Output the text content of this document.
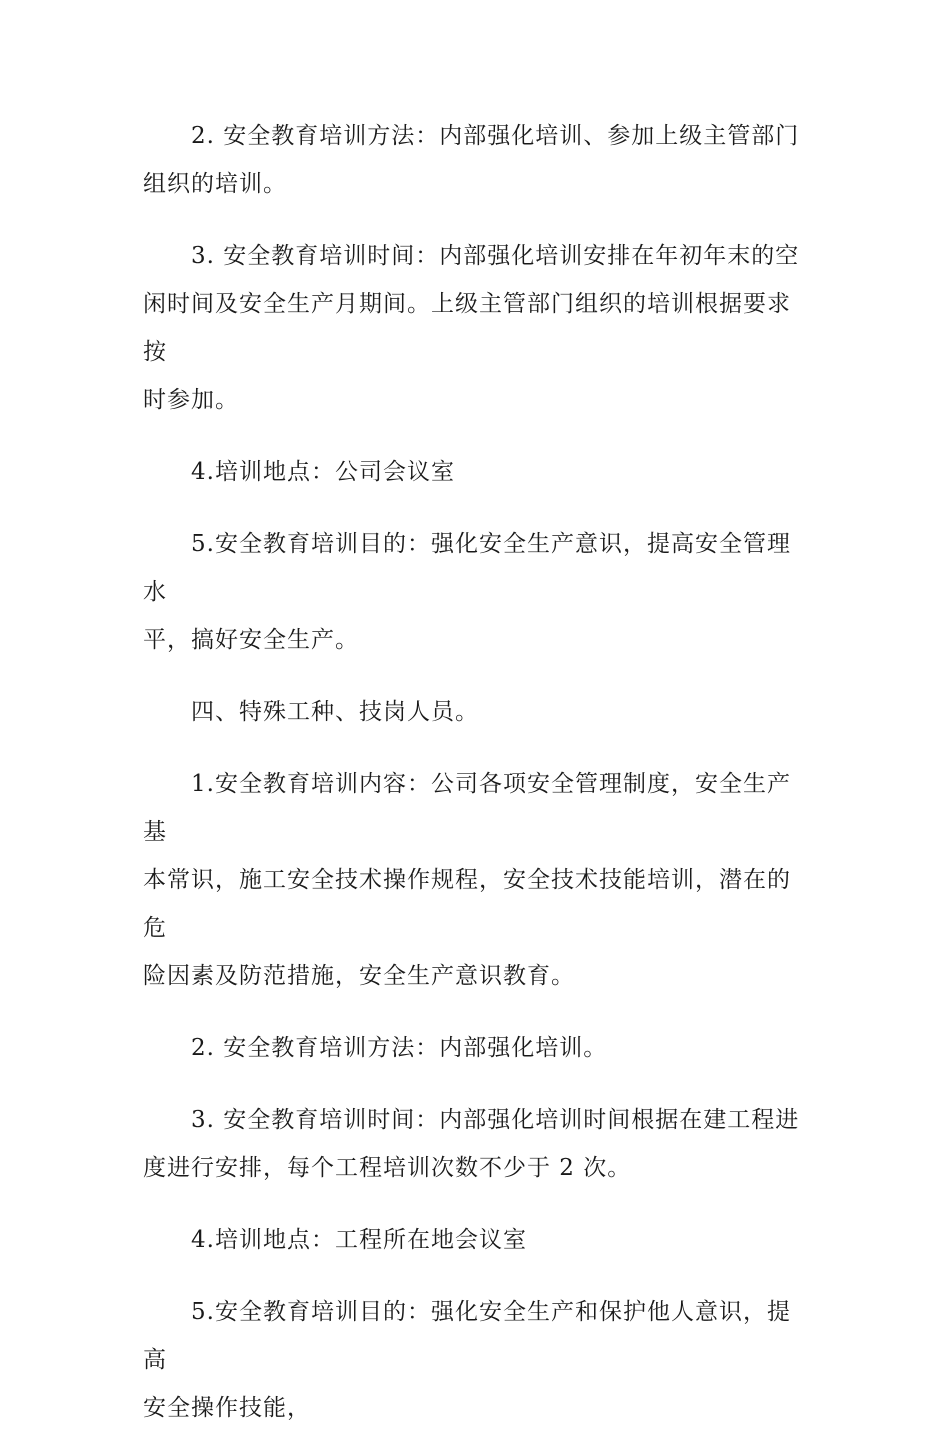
2. 安全教育培训方法：内部强化培训、参加上级主管部门
组织的培训。

3. 安全教育培训时间：内部强化培训安排在年初年末的空
闲时间及安全生产月期间。上级主管部门组织的培训根据要求按
时参加。

4.培训地点：公司会议室

5.安全教育培训目的：强化安全生产意识，提高安全管理水
平，搞好安全生产。

四、特殊工种、技岗人员。

1.安全教育培训内容：公司各项安全管理制度，安全生产基
本常识，施工安全技术操作规程，安全技术技能培训，潜在的危
险因素及防范措施，安全生产意识教育。

2. 安全教育培训方法：内部强化培训。

3. 安全教育培训时间：内部强化培训时间根据在建工程进
度进行安排，每个工程培训次数不少于 2 次。

4.培训地点：工程所在地会议室

5.安全教育培训目的：强化安全生产和保护他人意识，提高
安全操作技能，
